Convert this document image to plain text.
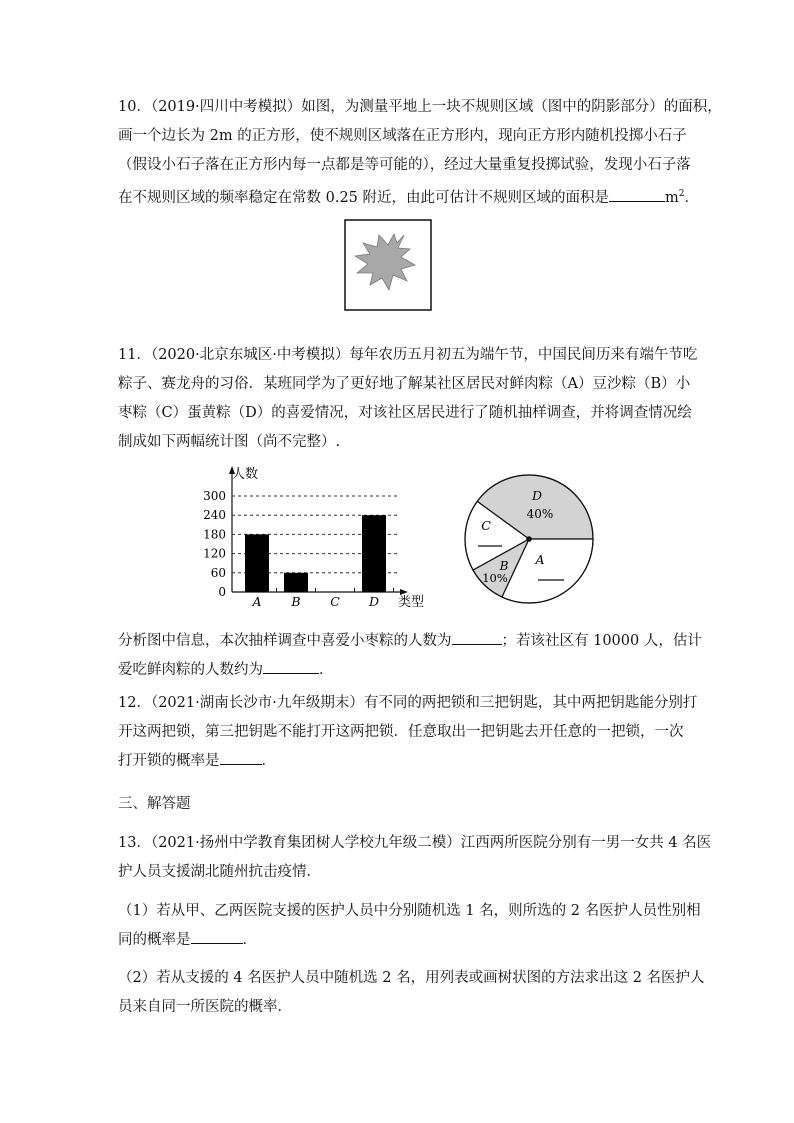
10．（2019·四川中考模拟）如图，为测量平地上一块不规则区域（图中的阴影部分）的面积，
画一个边长为 2m 的正方形，使不规则区域落在正方形内，现向正方形内随机投掷小石子
（假设小石子落在正方形内每一点都是等可能的），经过大量重复投掷试验，发现小石子落
在不规则区域的频率稳定在常数 0.25 附近，由此可估计不规则区域的面积是	$m^2$．
11．（2020·北京东城区·中考模拟）每年农历五月初五为端午节，中国民间历来有端午节吃
粽子、赛龙舟的习俗．某班同学为了更好地了解某社区居民对鲜肉粽（A）豆沙粽（B）小
枣粽（C）蛋黄粽（D）的喜爱情况，对该社区居民进行了随机抽样调查，并将调查情况绘
制成如下两幅统计图（尚不完整）.
0
60
120
180
240
300
A B C D
人数
类型
D
40%
C
A
B
10%
分析图中信息，本次抽样调查中喜爱小枣粽的人数为	；若该社区有 10000 人，估计
爱吃鲜肉粽的人数约为	．
12．（2021·湖南长沙市·九年级期末）有不同的两把锁和三把钥匙，其中两把钥匙能分别打
开这两把锁，第三把钥匙不能打开这两把锁．任意取出一把钥匙去开任意的一把锁，一次
打开锁的概率是	．

三、解答题

13．（2021·扬州中学教育集团树人学校九年级二模）江西两所医院分别有一男一女共 4 名医
护人员支援湖北随州抗击疫情．
（1）若从甲、乙两医院支援的医护人员中分别随机选 1 名，则所选的 2 名医护人员性别相
同的概率是	．
（2）若从支援的 4 名医护人员中随机选 2 名，用列表或画树状图的方法求出这 2 名医护人
员来自同一所医院的概率．
